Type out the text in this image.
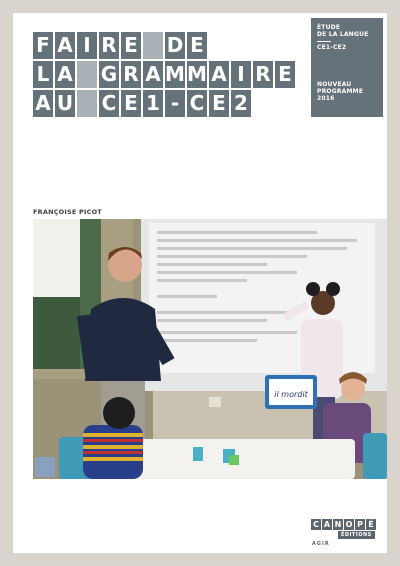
F A I R E D E
L A G R A M M A I R E
A U C E 1 - C E 2
ÉTUDE
DE LA LANGUE
CE1-CE2
NOUVEAU
PROGRAMME
2016
FRANÇOISE PICOT
il mordit
C A N O P É
ÉDITIONS
AGIR
